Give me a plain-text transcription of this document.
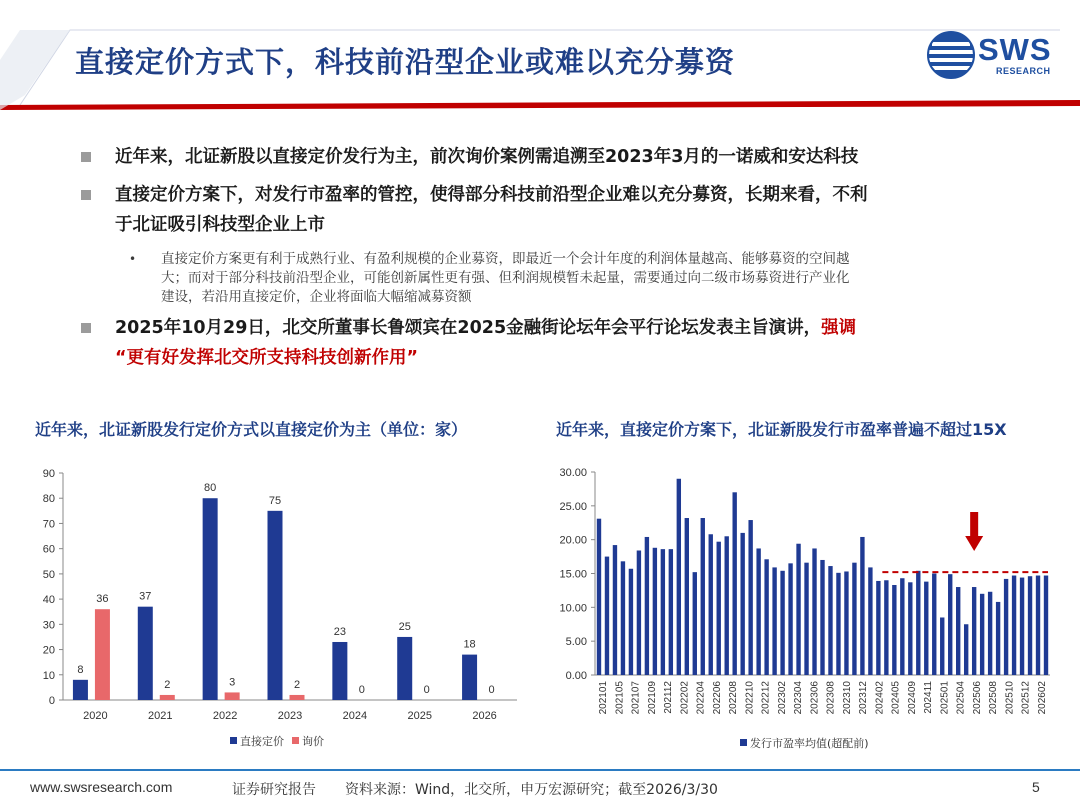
直接定价方式下，科技前沿型企业或难以充分募资	SWS
RESEARCH
近年来，北证新股以直接定价发行为主，前次询价案例需追溯至2023年3月的一诺威和安达科技
直接定价方案下，对发行市盈率的管控，使得部分科技前沿型企业难以充分募资，长期来看，不利
于北证吸引科技型企业上市
• 直接定价方案更有利于成熟行业、有盈利规模的企业募资，即最近一个会计年度的利润体量越高、能够募资的空间越
大；而对于部分科技前沿型企业，可能创新属性更有强、但利润规模暂未起量，需要通过向二级市场募资进行产业化
建设，若沿用直接定价，企业将面临大幅缩减募资额
2025年10月29日，北交所董事长鲁颂宾在2025金融街论坛年会平行论坛发表主旨演讲，强调
“更有好发挥北交所支持科技创新作用”
近年来，北证新股发行定价方式以直接定价为主（单位：家）	近年来，直接定价方案下，北证新股发行市盈率普遍不超过15X
0
10
20
30
40
50
60
70
80
90
2020
8
36
2021
37
2
2022
80
3
2023
75
2
2024
23
0
2025
25
0
2026
18
0
直接定价 询价
0.00
5.00
10.00
15.00
20.00
25.00
30.00
202101 202105 202107 202109 202112 202202 202204 202206 202208 202210 202212 202302 202304 202306 202308 202310 202312 202402 202405 202409 202411 202501 202504 202506 202508 202510 202512 202602
发行市盈率均值(超配前)
www.swsresearch.com	证券研究报告 资料来源：Wind，北交所，申万宏源研究；截至2026/3/30	5
